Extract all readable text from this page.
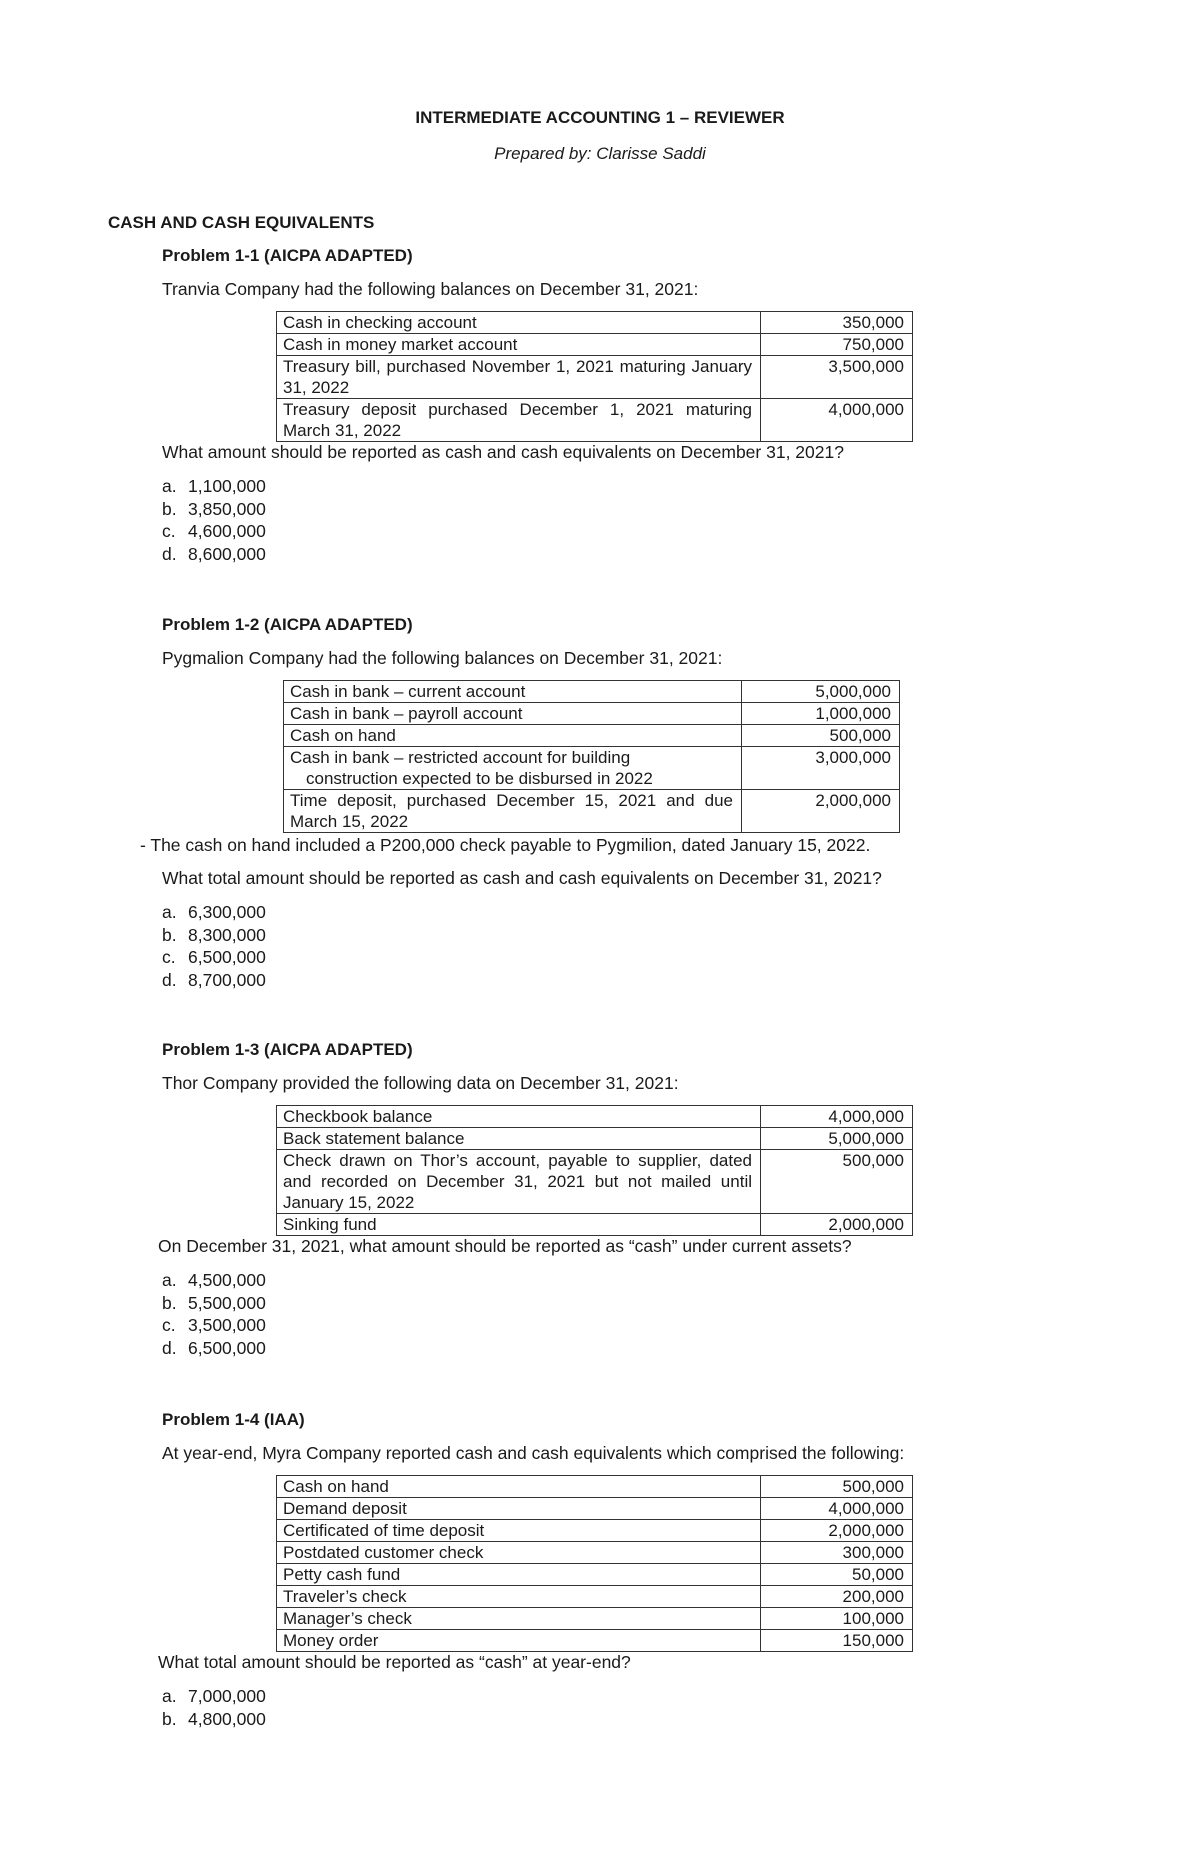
INTERMEDIATE ACCOUNTING 1 – REVIEWER
Prepared by: Clarisse Saddi
CASH AND CASH EQUIVALENTS

Problem 1-1 (AICPA ADAPTED)

Tranvia Company had the following balances on December 31, 2021:

Cash in checking account	350,000
Cash in money market account	750,000
Treasury bill, purchased November 1, 2021 maturing January 31, 2022	3,500,000
Treasury deposit purchased December 1, 2021 maturing March 31, 2022	4,000,000

What amount should be reported as cash and cash equivalents on December 31, 2021?

a. 1,100,000
b. 3,850,000
c. 4,600,000
d. 8,600,000

Problem 1-2 (AICPA ADAPTED)

Pygmalion Company had the following balances on December 31, 2021:

Cash in bank – current account	5,000,000
Cash in bank – payroll account	1,000,000
Cash on hand	500,000
Cash in bank – restricted account for building
construction expected to be disbursed in 2022	3,000,000
Time deposit, purchased December 15, 2021 and due March 15, 2022	2,000,000

- The cash on hand included a P200,000 check payable to Pygmilion, dated January 15, 2022.

What total amount should be reported as cash and cash equivalents on December 31, 2021?

a. 6,300,000
b. 8,300,000
c. 6,500,000
d. 8,700,000

Problem 1-3 (AICPA ADAPTED)

Thor Company provided the following data on December 31, 2021:

Checkbook balance	4,000,000
Back statement balance	5,000,000
Check drawn on Thor’s account, payable to supplier, dated and recorded on December 31, 2021 but not mailed until January 15, 2022	500,000
Sinking fund	2,000,000

On December 31, 2021, what amount should be reported as “cash” under current assets?

a. 4,500,000
b. 5,500,000
c. 3,500,000
d. 6,500,000

Problem 1-4 (IAA)

At year-end, Myra Company reported cash and cash equivalents which comprised the following:

Cash on hand	500,000
Demand deposit	4,000,000
Certificated of time deposit	2,000,000
Postdated customer check	300,000
Petty cash fund	50,000
Traveler’s check	200,000
Manager’s check	100,000
Money order	150,000

What total amount should be reported as “cash” at year-end?

a. 7,000,000
b. 4,800,000
